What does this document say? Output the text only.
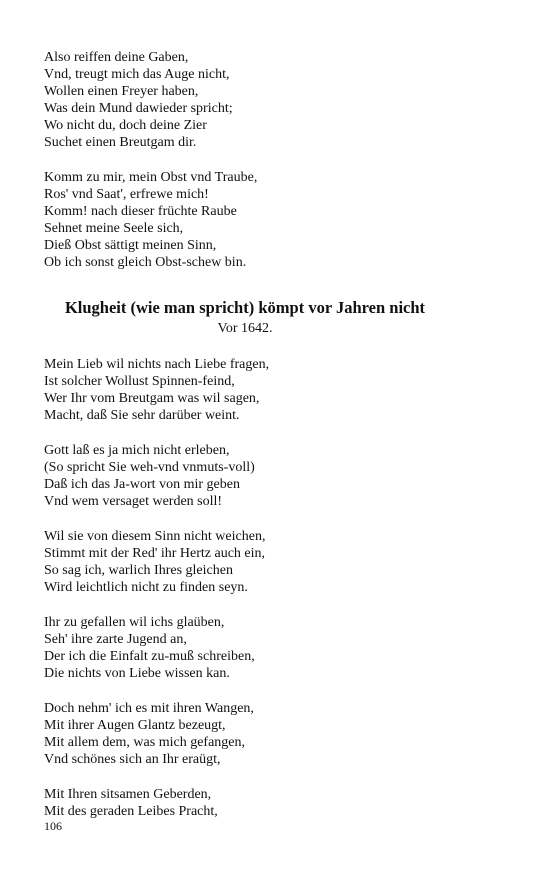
Also reiffen deine Gaben,
Vnd, treugt mich das Auge nicht,
Wollen einen Freyer haben,
Was dein Mund dawieder spricht;
Wo nicht du, doch deine Zier
Suchet einen Breutgam dir.
Komm zu mir, mein Obst vnd Traube,
Ros' vnd Saat', erfrewe mich!
Komm! nach dieser früchte Raube
Sehnet meine Seele sich,
Dieß Obst sättigt meinen Sinn,
Ob ich sonst gleich Obst-schew bin.
Klugheit (wie man spricht) kömpt vor Jahren nicht
Vor 1642.
Mein Lieb wil nichts nach Liebe fragen,
Ist solcher Wollust Spinnen-feind,
Wer Ihr vom Breutgam was wil sagen,
Macht, daß Sie sehr darüber weint.
Gott laß es ja mich nicht erleben,
(So spricht Sie weh-vnd vnmuts-voll)
Daß ich das Ja-wort von mir geben
Vnd wem versaget werden soll!
Wil sie von diesem Sinn nicht weichen,
Stimmt mit der Red' ihr Hertz auch ein,
So sag ich, warlich Ihres gleichen
Wird leichtlich nicht zu finden seyn.
Ihr zu gefallen wil ichs glaüben,
Seh' ihre zarte Jugend an,
Der ich die Einfalt zu-muß schreiben,
Die nichts von Liebe wissen kan.
Doch nehm' ich es mit ihren Wangen,
Mit ihrer Augen Glantz bezeugt,
Mit allem dem, was mich gefangen,
Vnd schönes sich an Ihr eraügt,
Mit Ihren sitsamen Geberden,
Mit des geraden Leibes Pracht,
106
